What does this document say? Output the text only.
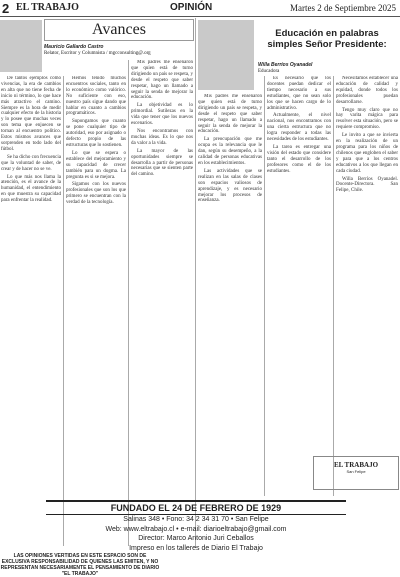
2 EL TRABAJO	OPINIÓN	Martes 2 de Septiembre 2025
Avances
Mauricio Gallardo Castro
Relator, Escritor y Columnista / mgcconsulting@.org

De tantos ejemplos como vivencias, la era de cambios en alta que no tiene fecha de inicio ni término, lo que hace más atractivo el camino. Siempre es la hora de medir cualquier efecto de la historia y lo posee que muchas veces son tema que enjuecen se tornan al encuentro político. Estos mismos avances que sorprenden en todo lado del fútbol.

Se ha dicho con frecuencia que la voluntad de saber, de crear y de hacer no se ve.

Lo que más nos llama la atención, es el avance de la humanidad, el entendimiento en que muestra su capacidad para enfrentar la realidad.

Hemos tenido muchos encuentros sociales, tanto en lo económico como valórico. No suficiente con eso, nuestro país sigue dando que hablar en cuanto a cambios programáticos.

Supongamos que cuanto se pone cualquier tipo de autoridad, eso por asignado o defecto propio de las estructuras que lo sostienen.

Lo que se espera o establece del mejoramiento y su capacidad de crecer también para un dogma. La pregunta es si se mejora.

Sigamos con los nuevos profesionales que son los que primero se encuentran con la verdad de la tecnología.

Mis padres me enseñaron que quien está de turno dirigiendo un país se respeta, y desde el respeto que saber respetar, hago un llamado a seguir la senda de mejorar la educación.

La objetividad es lo primordial. Sutilezas en la vida que tener que los nuevos escenarios.

Nos encontramos con muchas ideas. Es lo que nos da valor a la vida.

La mayor de las oportunidades siempre se desarrolla a partir de personas necesarias que se sienten parte del camino.

Educación en palabras simples Señor Presidente:
Willa Berríos Oyanadel
Educadora

Mis padres me enseñaron que quien está de turno dirigiendo un país se respeta, y desde el respeto que saber respetar, hago un llamado a seguir la senda de mejorar la educación.

La preocupación que me ocupa es la relevancia que le dan, según su desempeño, a la calidad de personas educativas en los establecimientos.

Las actividades que se realizan en las salas de clases son espacios valiosos de aprendizaje, y es necesario mejorar los procesos de enseñanza.

Es necesario que los docentes puedan dedicar el tiempo necesario a sus estudiantes, que no sean solo los que se hacen cargo de lo administrativo.

Actualmente, el nivel nacional, nos encontramos con una cierta estructura que no logra responder a todas las necesidades de los estudiantes.

La tarea es entregar una visión del estado que considere tanto el desarrollo de los profesores como el de los estudiantes.

Necesitamos establecer una educación de calidad y equidad, donde todos los profesionales puedan desarrollarse.

Tengo muy claro que no hay varita mágica para resolver esta situación, pero se requiere compromiso.

Le invito a que se invierta en la realización de un programa para los niños de chilenos que engloben el saber y para que a los centros educativos a los que llegan en cada ciudad.

Willa Berríos Oyanadel. Docente-Directora. San Felipe, Chile.

EL TRABAJO
San Felipe
FUNDADO EL 24 DE FEBRERO DE 1929
Salinas 348 • Fono: 34 2 34 31 70 • San Felipe
Web: www.eltrabajo.cl • e-mail: diarioeltrabajo@gmail.com
Director: Marco Antonio Juri Ceballos
Impreso en los talleres de Diario El Trabajo
LAS OPINIONES VERTIDAS EN ESTE ESPACIO SON DE EXCLUSIVA RESPONSABILIDAD DE QUIENES LAS EMITEN, Y NO REPRESENTAN NECESARIAMENTE EL PENSAMIENTO DE DIARIO "EL TRABAJO"
